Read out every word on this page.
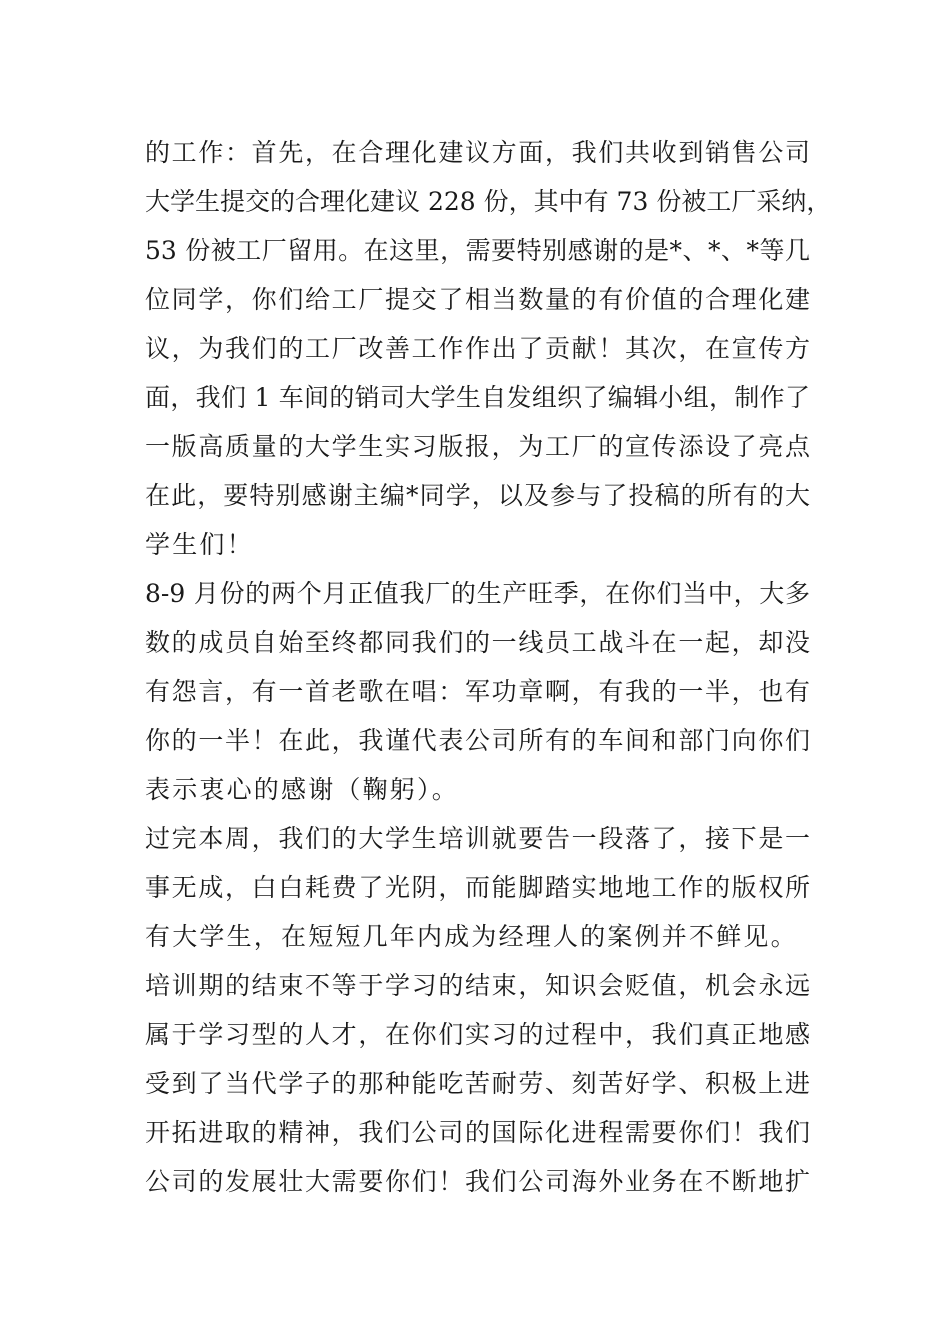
的工作：首先，在合理化建议方面，我们共收到销售公司
大学生提交的合理化建议 228 份，其中有 73 份被工厂采纳，
53 份被工厂留用。在这里，需要特别感谢的是*、*、*等几
位同学，你们给工厂提交了相当数量的有价值的合理化建
议，为我们的工厂改善工作作出了贡献！其次，在宣传方
面，我们 1 车间的销司大学生自发组织了编辑小组，制作了
一版高质量的大学生实习版报，为工厂的宣传添设了亮点
在此，要特别感谢主编*同学，以及参与了投稿的所有的大
学生们！
8-9 月份的两个月正值我厂的生产旺季，在你们当中，大多
数的成员自始至终都同我们的一线员工战斗在一起，却没
有怨言，有一首老歌在唱：军功章啊，有我的一半，也有
你的一半！在此，我谨代表公司所有的车间和部门向你们
表示衷心的感谢（鞠躬）。
过完本周，我们的大学生培训就要告一段落了，接下是一
事无成，白白耗费了光阴，而能脚踏实地地工作的版权所
有大学生，在短短几年内成为经理人的案例并不鲜见。
培训期的结束不等于学习的结束，知识会贬值，机会永远
属于学习型的人才，在你们实习的过程中，我们真正地感
受到了当代学子的那种能吃苦耐劳、刻苦好学、积极上进
开拓进取的精神，我们公司的国际化进程需要你们！我们
公司的发展壮大需要你们！我们公司海外业务在不断地扩
